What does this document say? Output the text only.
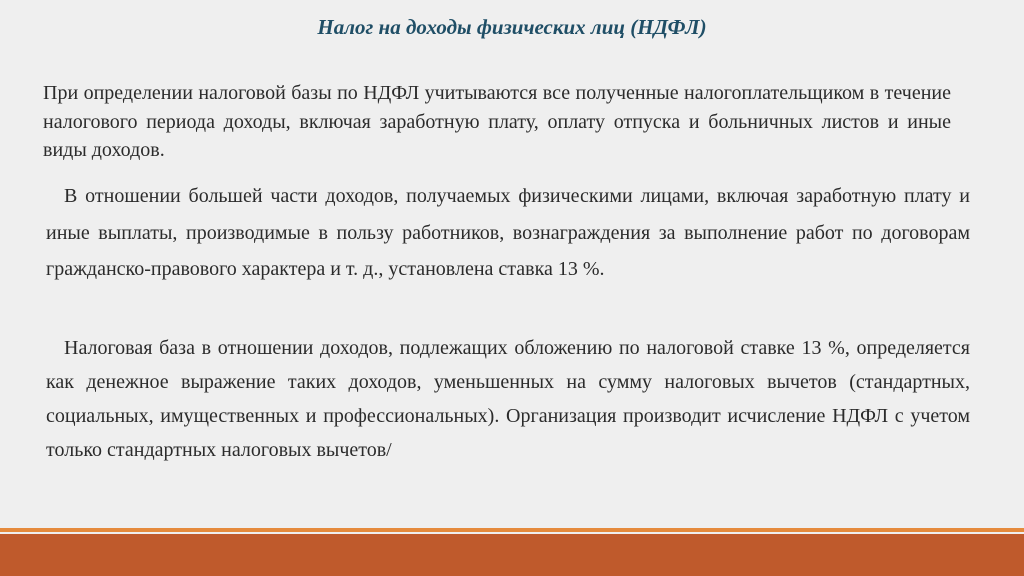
Налог на доходы физических лиц (НДФЛ)
При определении налоговой базы по НДФЛ учитываются все полученные налогоплательщиком в течение налогового периода доходы, включая заработную плату, оплату отпуска и больничных листов и иные виды доходов.
В отношении большей части доходов, получаемых физическими лицами, включая заработную плату и иные выплаты, производимые в пользу работников, вознаграждения за выполнение работ по договорам гражданско-правового характера и т. д., установлена ставка 13 %.
Налоговая база в отношении доходов, подлежащих обложению по налоговой ставке 13 %, определяется как денежное выражение таких доходов, уменьшенных на сумму налоговых вычетов (стандартных, социальных, имущественных и профессиональных). Организация производит исчисление НДФЛ с учетом только стандартных налоговых вычетов/
